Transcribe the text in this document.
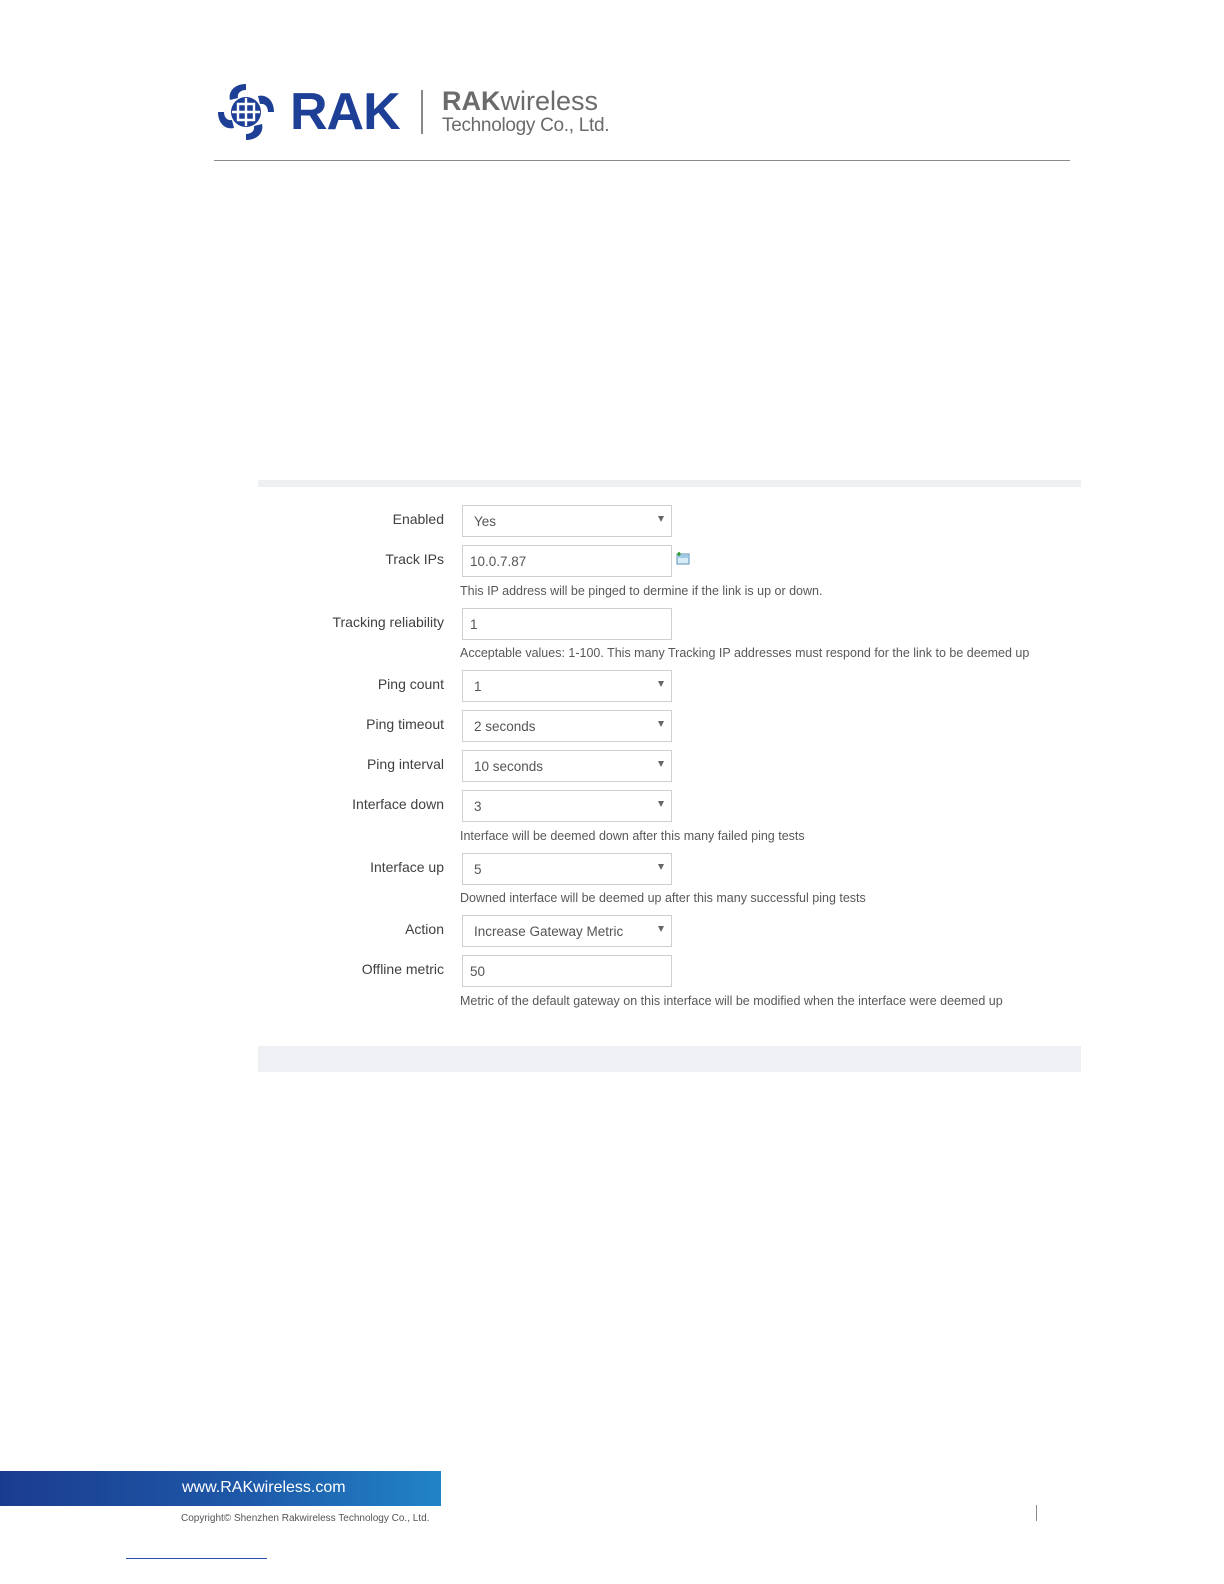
RAK RAKwireless
Technology Co., Ltd.
Enabled Yes
Track IPs 10.0.7.87
This IP address will be pinged to dermine if the link is up or down.
Tracking reliability 1
Acceptable values: 1-100. This many Tracking IP addresses must respond for the link to be deemed up
Ping count 1
Ping timeout 2 seconds
Ping interval 10 seconds
Interface down 3
Interface will be deemed down after this many failed ping tests
Interface up 5
Downed interface will be deemed up after this many successful ping tests
Action Increase Gateway Metric
Offline metric 50
Metric of the default gateway on this interface will be modified when the interface were deemed up
www.RAKwireless.com
Copyright© Shenzhen Rakwireless Technology Co., Ltd.
